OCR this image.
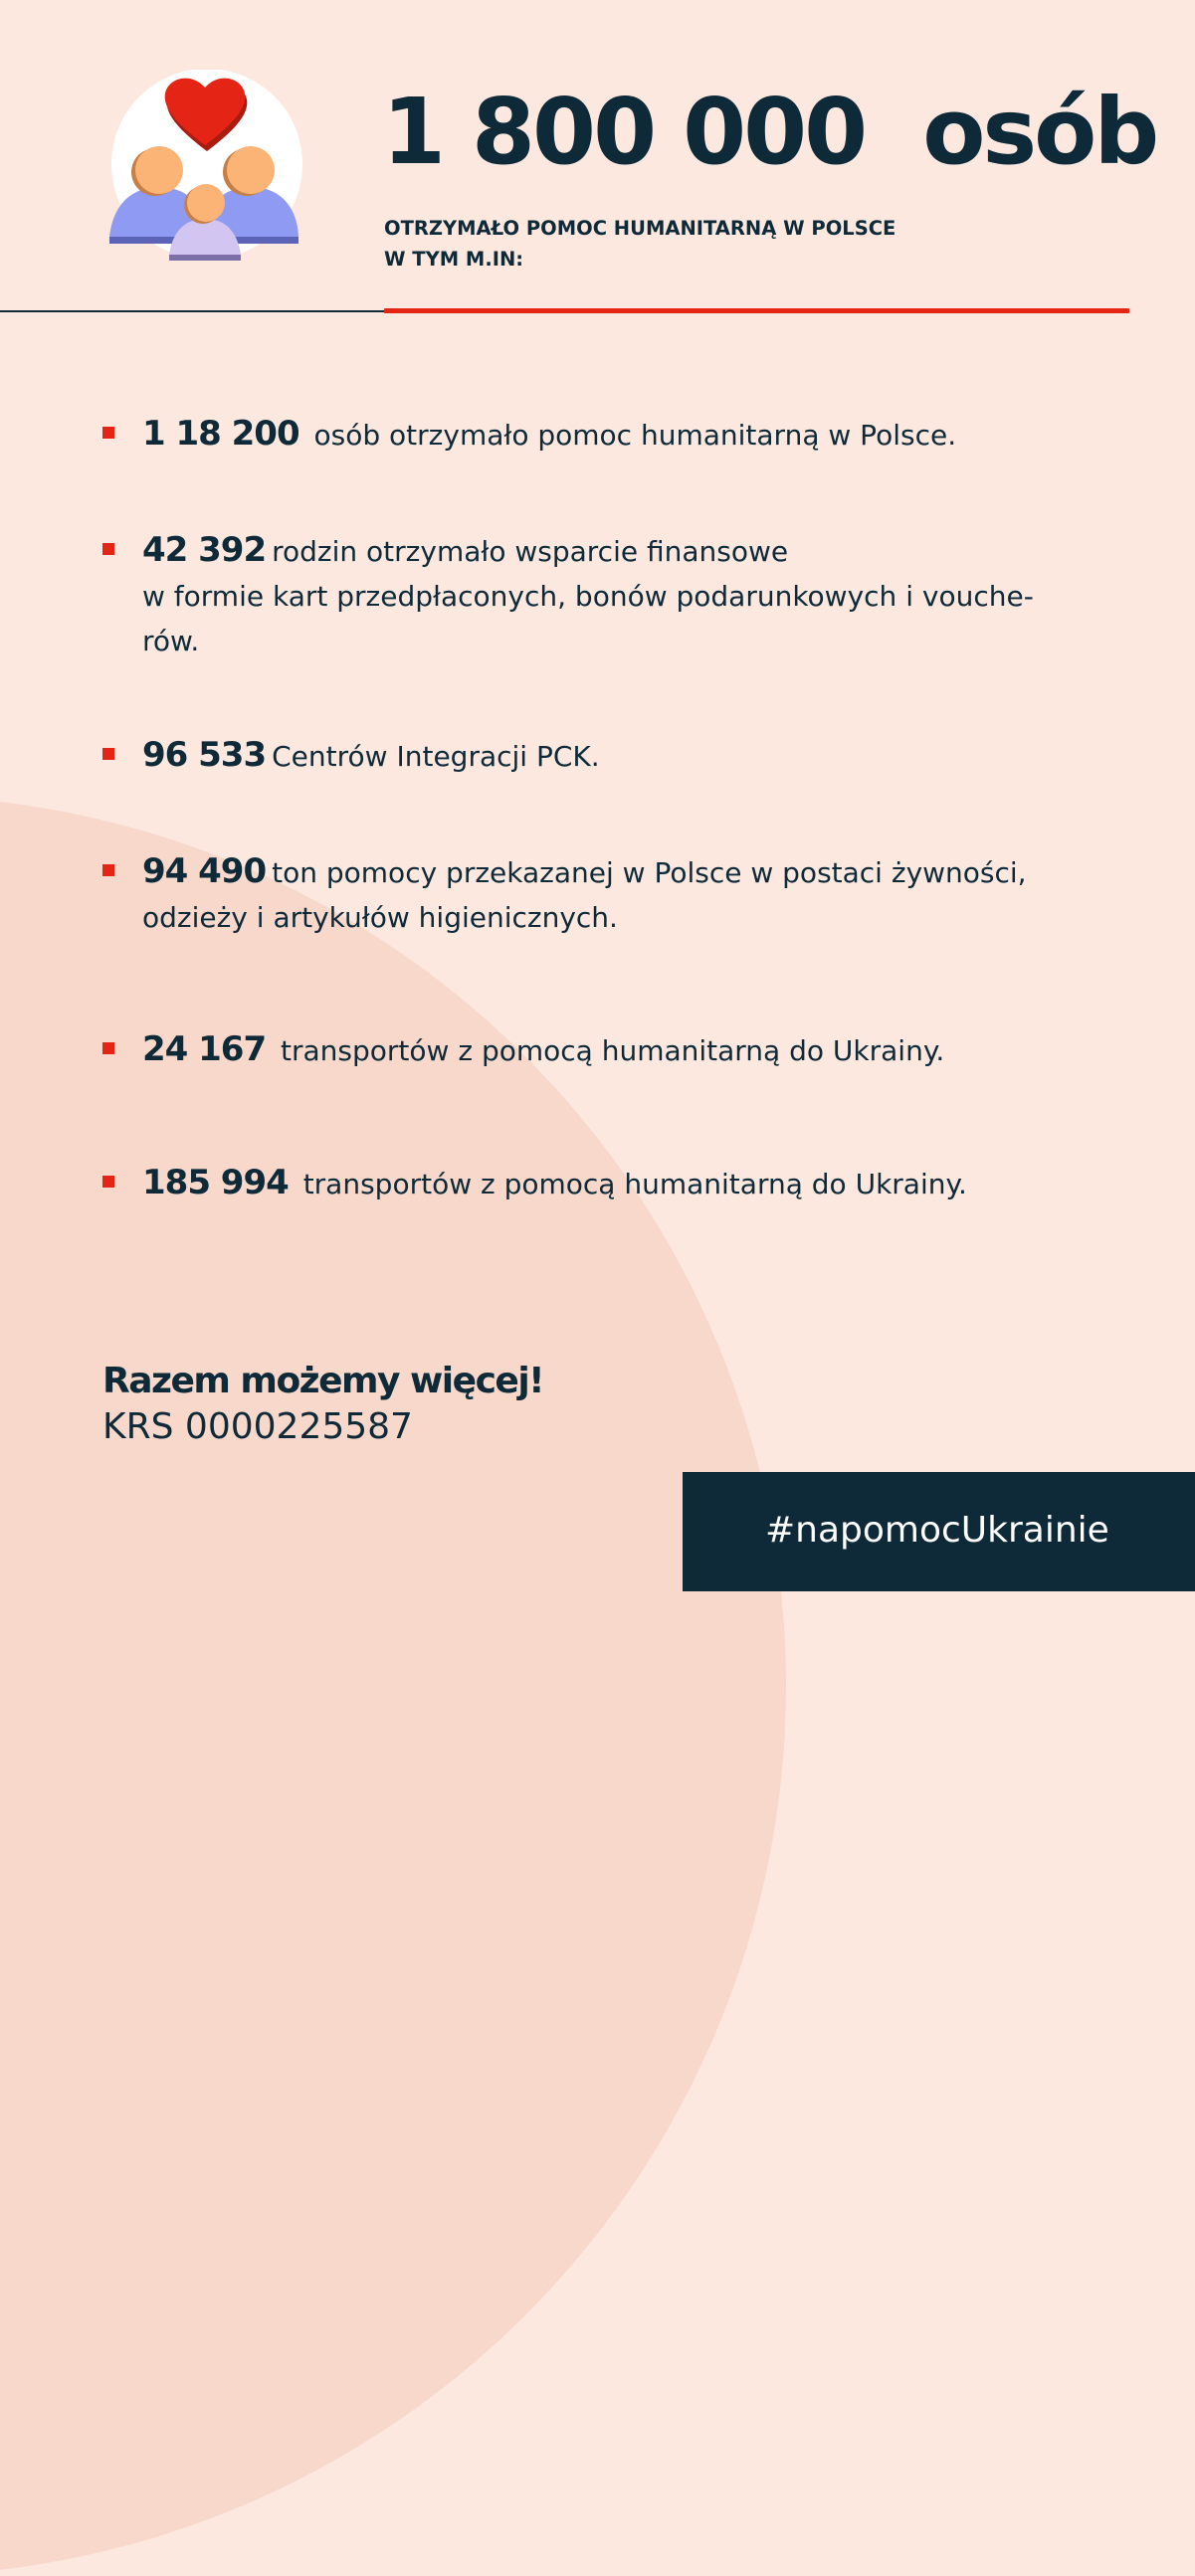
1 800 000  osób
OTRZYMAŁO POMOC HUMANITARNĄ W POLSCE
W TYM M.IN:

1 18 200 osób otrzymało pomoc humanitarną w Polsce.

42 392 rodzin otrzymało wsparcie finansowe
w formie kart przedpłaconych, bonów podarunkowych i vouche-
rów.

96 533 Centrów Integracji PCK.

94 490 ton pomocy przekazanej w Polsce w postaci żywności,
odzieży i artykułów higienicznych.

24 167 transportów z pomocą humanitarną do Ukrainy.

185 994 transportów z pomocą humanitarną do Ukrainy.

Razem możemy więcej!
KRS 0000225587
#napomocUkrainie
